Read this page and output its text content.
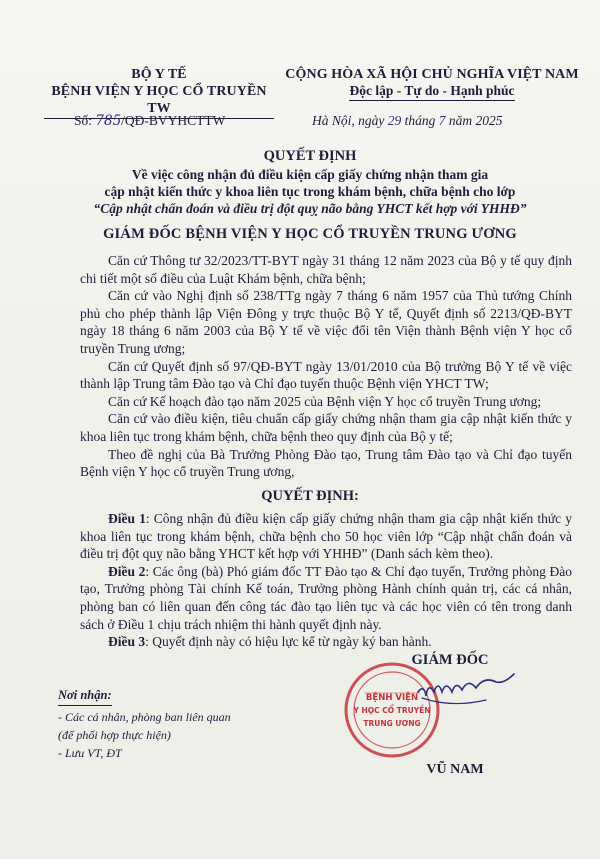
BỘ Y TẾ
BỆNH VIỆN Y HỌC CỔ TRUYỀN TW
CỘNG HÒA XÃ HỘI CHỦ NGHĨA VIỆT NAM
Độc lập - Tự do - Hạnh phúc
Số: 785/QĐ-BVYHCTTW	Hà Nội, ngày 29 tháng 7 năm 2025
QUYẾT ĐỊNH
Về việc công nhận đủ điều kiện cấp giấy chứng nhận tham gia
cập nhật kiến thức y khoa liên tục trong khám bệnh, chữa bệnh cho lớp
“Cập nhật chẩn đoán và điều trị đột quỵ não bằng YHCT kết hợp với YHHĐ”
GIÁM ĐỐC BỆNH VIỆN Y HỌC CỔ TRUYỀN TRUNG ƯƠNG
Căn cứ Thông tư 32/2023/TT-BYT ngày 31 tháng 12 năm 2023 của Bộ y tế quy định chi tiết một số điều của Luật Khám bệnh, chữa bệnh;
Căn cứ vào Nghị định số 238/TTg ngày 7 tháng 6 năm 1957 của Thủ tướng Chính phủ cho phép thành lập Viện Đông y trực thuộc Bộ Y tế, Quyết định số 2213/QĐ-BYT ngày 18 tháng 6 năm 2003 của Bộ Y tế về việc đổi tên Viện thành Bệnh viện Y học cổ truyền Trung ương;
Căn cứ Quyết định số 97/QĐ-BYT ngày 13/01/2010 của Bộ trưởng Bộ Y tế về việc thành lập Trung tâm Đào tạo và Chỉ đạo tuyến thuộc Bệnh viện YHCT TW;
Căn cứ Kế hoạch đào tạo năm 2025 của Bệnh viện Y học cổ truyền Trung ương;
Căn cứ vào điều kiện, tiêu chuẩn cấp giấy chứng nhận tham gia cập nhật kiến thức y khoa liên tục trong khám bệnh, chữa bệnh theo quy định của Bộ y tế;
Theo đề nghị của Bà Trưởng Phòng Đào tạo, Trung tâm Đào tạo và Chỉ đạo tuyến Bệnh viện Y học cổ truyền Trung ương,
QUYẾT ĐỊNH:
Điều 1: Công nhận đủ điều kiện cấp giấy chứng nhận tham gia cập nhật kiến thức y khoa liên tục trong khám bệnh, chữa bệnh cho 50 học viên lớp “Cập nhật chẩn đoán và điều trị đột quỵ não bằng YHCT kết hợp với YHHĐ” (Danh sách kèm theo).
Điều 2: Các ông (bà) Phó giám đốc TT Đào tạo & Chỉ đạo tuyến, Trưởng phòng Đào tạo, Trưởng phòng Tài chính Kế toán, Trưởng phòng Hành chính quản trị, các cá nhân, phòng ban có liên quan đến công tác đào tạo liên tục và các học viên có tên trong danh sách ở Điều 1 chịu trách nhiệm thi hành quyết định này.
Điều 3: Quyết định này có hiệu lực kể từ ngày ký ban hành.
Nơi nhận:
- Các cá nhân, phòng ban liên quan
(để phối hợp thực hiện)
- Lưu VT, ĐT
BỆNH VIỆN
Y HỌC CỔ TRUYỀN
TRUNG ƯƠNG
GIÁM ĐỐC
VŨ NAM
